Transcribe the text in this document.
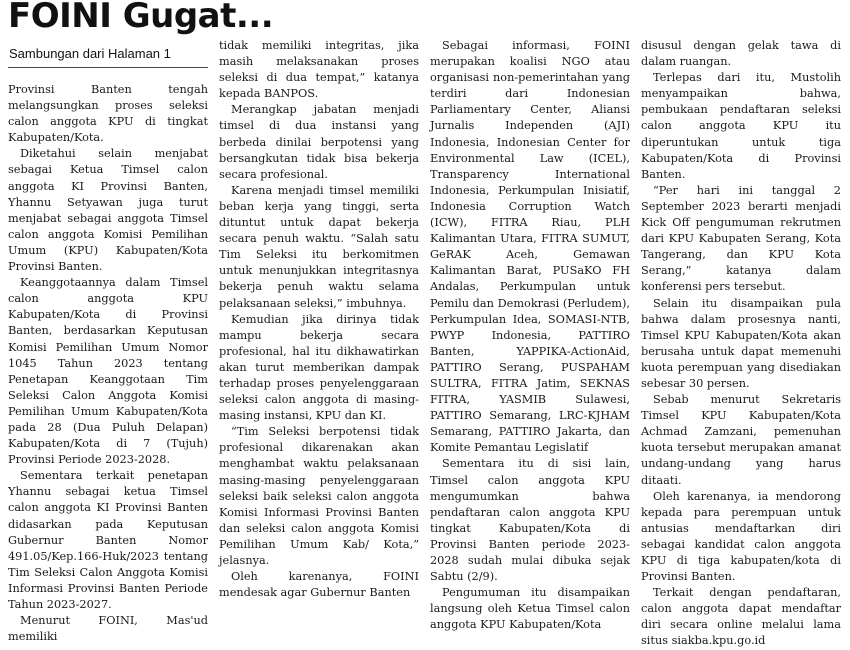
FOINI Gugat...
Sambungan dari Halaman 1

Provinsi Banten tengah melangsungkan proses seleksi calon anggota KPU di tingkat Kabupaten/Kota.

Diketahui selain menjabat sebagai Ketua Timsel calon anggota KI Provinsi Banten, Yhannu Setyawan juga turut menjabat sebagai anggota Timsel calon anggota Komisi Pemilihan Umum (KPU) Kabupaten/Kota Provinsi Banten.

Keanggotaannya dalam Timsel calon anggota KPU Kabupaten/Kota di Provinsi Banten, berdasarkan Keputusan Komisi Pemilihan Umum Nomor 1045 Tahun 2023 tentang Penetapan Keanggotaan Tim Seleksi Calon Anggota Komisi Pemilihan Umum Kabupaten/Kota pada 28 (Dua Puluh Delapan) Kabupaten/Kota di 7 (Tujuh) Provinsi Periode 2023-2028.

Sementara terkait penetapan Yhannu sebagai ketua Timsel calon anggota KI Provinsi Banten didasarkan pada Keputusan Gubernur Banten Nomor 491.05/Kep.166-Huk/2023 tentang Tim Seleksi Calon Anggota Komisi Informasi Provinsi Banten Periode Tahun 2023-2027.

Menurut FOINI, Mas'ud memiliki

tidak memiliki integritas, jika masih melaksanakan proses seleksi di dua tempat,” katanya kepada BANPOS.

Merangkap jabatan menjadi timsel di dua instansi yang berbeda dinilai berpotensi yang bersangkutan tidak bisa bekerja secara profesional.

Karena menjadi timsel memiliki beban kerja yang tinggi, serta dituntut untuk dapat bekerja secara penuh waktu. “Salah satu Tim Seleksi itu berkomitmen untuk menunjukkan integritasnya bekerja penuh waktu selama pelaksanaan seleksi,” imbuhnya.

Kemudian jika dirinya tidak mampu bekerja secara profesional, hal itu dikhawatirkan akan turut memberikan dampak terhadap proses penyelenggaraan seleksi calon anggota di masing-masing instansi, KPU dan KI.

“Tim Seleksi berpotensi tidak profesional dikarenakan akan menghambat waktu pelaksanaan masing-masing penyelenggaraan seleksi baik seleksi calon anggota Komisi Informasi Provinsi Banten dan seleksi calon anggota Komisi Pemilihan Umum Kab/ Kota,” jelasnya.

Oleh karenanya, FOINI mendesak agar Gubernur Banten

Sebagai informasi, FOINI merupakan koalisi NGO atau organisasi non-pemerintahan yang terdiri dari Indonesian Parliamentary Center, Aliansi Jurnalis Independen (AJI) Indonesia, Indonesian Center for Environmental Law (ICEL), Transparency International Indonesia, Perkumpulan Inisiatif, Indonesia Corruption Watch (ICW), FITRA Riau, PLH Kalimantan Utara, FITRA SUMUT, GeRAK Aceh, Gemawan Kalimantan Barat, PUSaKO FH Andalas, Perkumpulan untuk Pemilu dan Demokrasi (Perludem), Perkumpulan Idea, SOMASI-NTB, PWYP Indonesia, PATTIRO Banten, YAPPIKA-ActionAid, PATTIRO Serang, PUSPAHAM SULTRA, FITRA Jatim, SEKNAS FITRA, YASMIB Sulawesi, PATTIRO Semarang, LRC-KJHAM Semarang, PATTIRO Jakarta, dan Komite Pemantau Legislatif

Sementara itu di sisi lain, Timsel calon anggota KPU mengumumkan bahwa pendaftaran calon anggota KPU tingkat Kabupaten/Kota di Provinsi Banten periode 2023-2028 sudah mulai dibuka sejak Sabtu (2/9).

Pengumuman itu disampaikan langsung oleh Ketua Timsel calon anggota KPU Kabupaten/Kota

disusul dengan gelak tawa di dalam ruangan.

Terlepas dari itu, Mustolih menyampaikan bahwa, pembukaan pendaftaran seleksi calon anggota KPU itu diperuntukan untuk tiga Kabupaten/Kota di Provinsi Banten.

“Per hari ini tanggal 2 September 2023 berarti menjadi Kick Off pengumuman rekrutmen dari KPU Kabupaten Serang, Kota Tangerang, dan KPU Kota Serang,” katanya dalam konferensi pers tersebut.

Selain itu disampaikan pula bahwa dalam prosesnya nanti, Timsel KPU Kabupaten/Kota akan berusaha untuk dapat memenuhi kuota perempuan yang disediakan sebesar 30 persen.

Sebab menurut Sekretaris Timsel KPU Kabupaten/Kota Achmad Zamzani, pemenuhan kuota tersebut merupakan amanat undang-undang yang harus ditaati.

Oleh karenanya, ia mendorong kepada para perempuan untuk antusias mendaftarkan diri sebagai kandidat calon anggota KPU di tiga kabupaten/kota di Provinsi Banten.

Terkait dengan pendaftaran, calon anggota dapat mendaftar diri secara online melalui lama situs siakba.kpu.go.id
